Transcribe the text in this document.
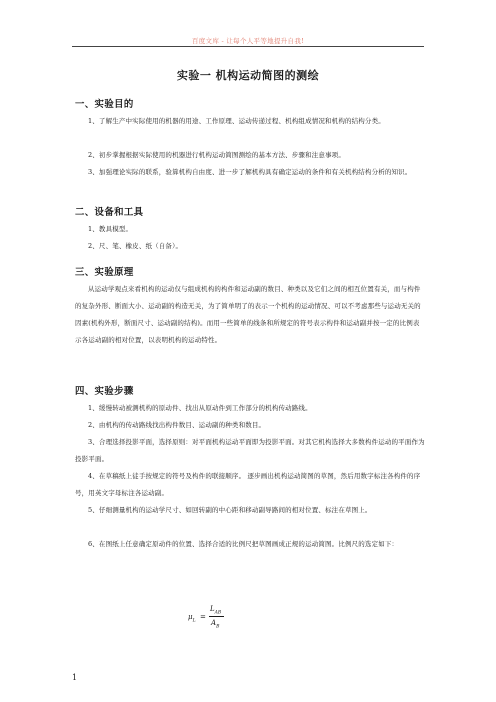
百度文库 - 让每个人平等地提升自我!
实验一 机构运动简图的测绘
一、实验目的

1、了解生产中实际使用的机器的用途、工作原理、运动传递过程、机构组成情况和机构的结构分类。

2、初步掌握根据实际使用的机器进行机构运动简图测绘的基本方法、步骤和注意事项。

3、加强理论实际的联系，验算机构自由度、进一步了解机构具有确定运动的条件和有关机构结构分析的知识。

二、设备和工具

1、教具模型。

2、尺、笔、橡皮、纸（自备）。

三、实验原理

从运动学观点来看机构的运动仅与组成机构的构件和运动副的数目、种类以及它们之间的相互位置有关，而与构件的复杂外形、断面大小、运动副的构造无关，为了简单明了的表示一个机构的运动情况、可以不考虑那些与运动无关的因素(机构外形，断面尺寸、运动副的结构)。而用一些简单的线条和所规定的符号表示构件和运动副并按一定的比例表示各运动副的相对位置，以表明机构的运动特性。

四、实验步骤

1、缓慢转动被测机构的原动件、找出从原动件到工作部分的机构传动路线。

2、由机构的传动路线找出构件数目、运动副的种类和数目。

3、合理选择投影平面，选择原则：对平面机构运动平面即为投影平面。对其它机构选择大多数构件运动的平面作为投影平面。

4、在草稿纸上徒手按规定的符号及构件的联接顺序。 逐步画出机构运动简图的草图，然后用数字标注各构件的序号，用英文字母标注各运动副。

5、仔细测量机构的运动学尺寸、如回转副的中心距和移动副导路间的相对位置、标注在草图上。

6、在图纸上任意确定原动件的位置、选择合适的比例尺把草图画成正规的运动简图。比例尺的选定如下：

$\mu_L$ =
$L_{AB}$
$A_B$
1
